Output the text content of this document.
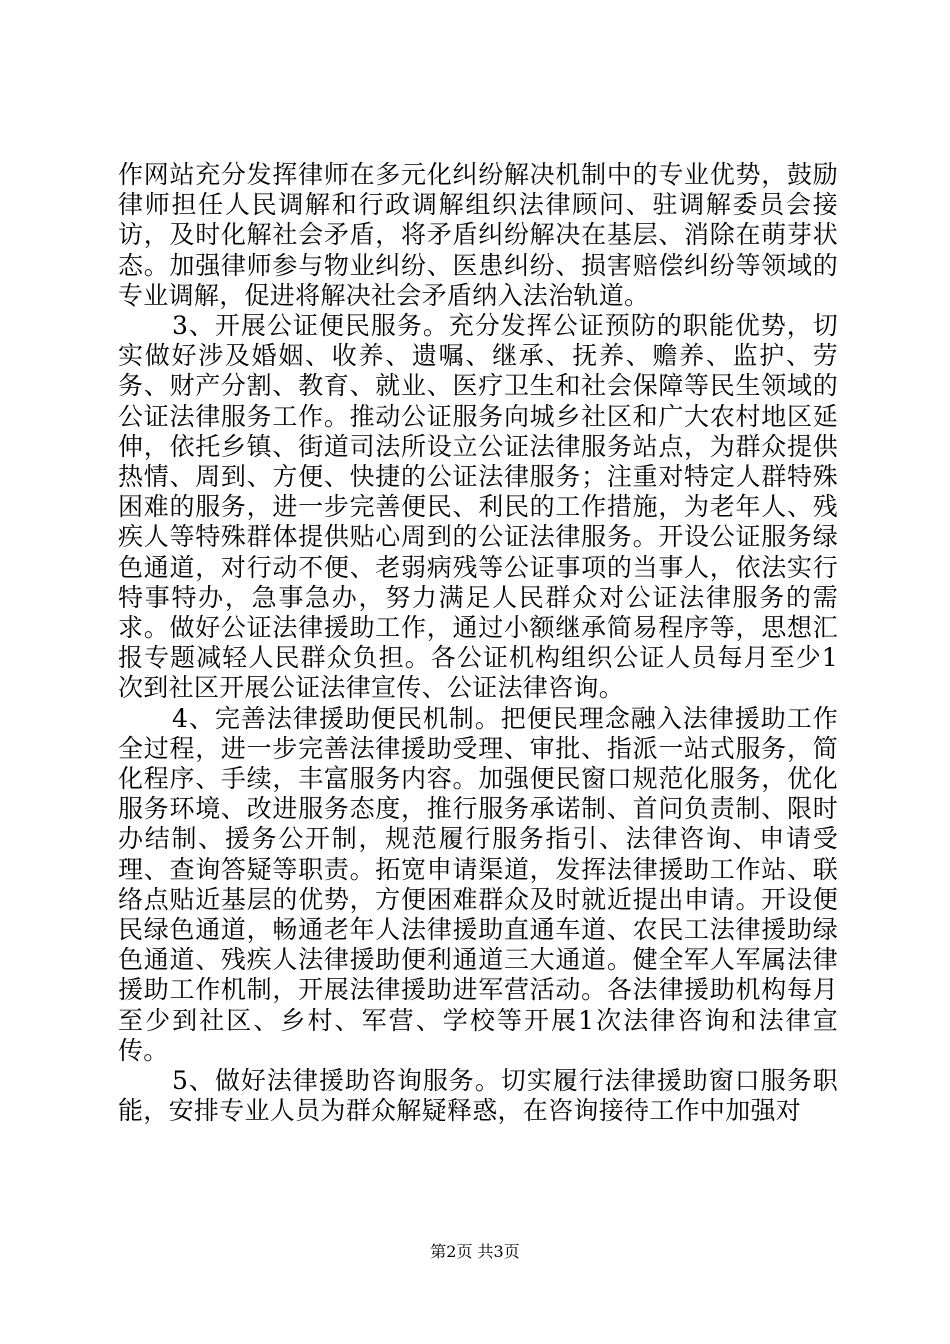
作网站充分发挥律师在多元化纠纷解决机制中的专业优势，鼓励律师担任人民调解和行政调解组织法律顾问、驻调解委员会接访，及时化解社会矛盾，将矛盾纠纷解决在基层、消除在萌芽状态。加强律师参与物业纠纷、医患纠纷、损害赔偿纠纷等领域的专业调解，促进将解决社会矛盾纳入法治轨道。

3、开展公证便民服务。充分发挥公证预防的职能优势，切实做好涉及婚姻、收养、遗嘱、继承、抚养、赡养、监护、劳务、财产分割、教育、就业、医疗卫生和社会保障等民生领域的公证法律服务工作。推动公证服务向城乡社区和广大农村地区延伸，依托乡镇、街道司法所设立公证法律服务站点，为群众提供热情、周到、方便、快捷的公证法律服务；注重对特定人群特殊困难的服务，进一步完善便民、利民的工作措施，为老年人、残疾人等特殊群体提供贴心周到的公证法律服务。开设公证服务绿色通道，对行动不便、老弱病残等公证事项的当事人，依法实行特事特办，急事急办，努力满足人民群众对公证法律服务的需求。做好公证法律援助工作，通过小额继承简易程序等，思想汇报专题减轻人民群众负担。各公证机构组织公证人员每月至少1次到社区开展公证法律宣传、公证法律咨询。

4、完善法律援助便民机制。把便民理念融入法律援助工作全过程，进一步完善法律援助受理、审批、指派一站式服务，简化程序、手续，丰富服务内容。加强便民窗口规范化服务，优化服务环境、改进服务态度，推行服务承诺制、首问负责制、限时办结制、援务公开制，规范履行服务指引、法律咨询、申请受理、查询答疑等职责。拓宽申请渠道，发挥法律援助工作站、联络点贴近基层的优势，方便困难群众及时就近提出申请。开设便民绿色通道，畅通老年人法律援助直通车道、农民工法律援助绿色通道、残疾人法律援助便利通道三大通道。健全军人军属法律援助工作机制，开展法律援助进军营活动。各法律援助机构每月至少到社区、乡村、军营、学校等开展1次法律咨询和法律宣传。

5、做好法律援助咨询服务。切实履行法律援助窗口服务职能，安排专业人员为群众解疑释惑，在咨询接待工作中加强对

第2页 共3页
